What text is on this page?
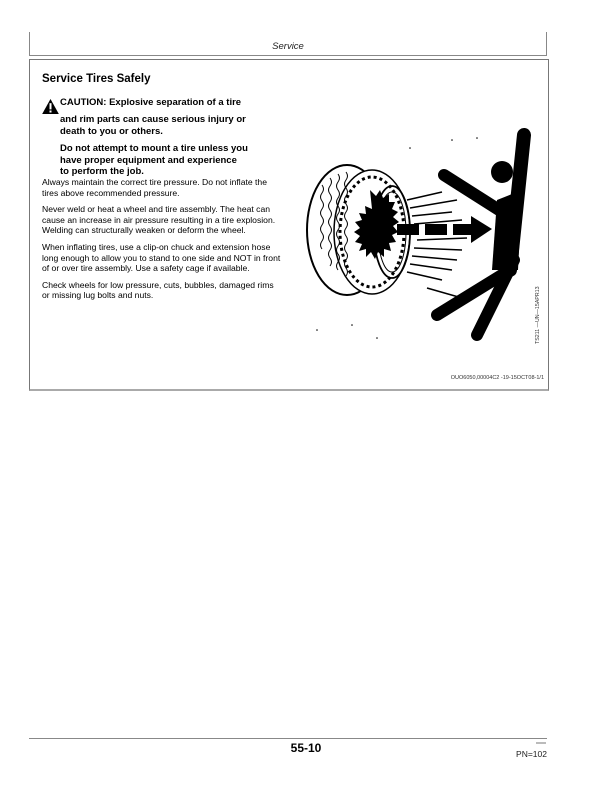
Service
Service Tires Safely
CAUTION: Explosive separation of a tire
and rim parts can cause serious injury or
death to you or others.
Do not attempt to mount a tire unless you
have proper equipment and experience
to perform the job.

Always maintain the correct tire pressure. Do not inflate the tires above recommended pressure.

Never weld or heat a wheel and tire assembly. The heat can cause an increase in air pressure resulting in a tire explosion. Welding can structurally weaken or deform the wheel.

When inflating tires, use a clip-on chuck and extension hose long enough to allow you to stand to one side and NOT in front of or over tire assembly. Use a safety cage if available.

Check wheels for low pressure, cuts, bubbles, damaged rims or missing lug bolts and nuts.	TS211 —UN—15APR13
OUO6050,00004C2 -19-15OCT08-1/1
55-10	PN=102
